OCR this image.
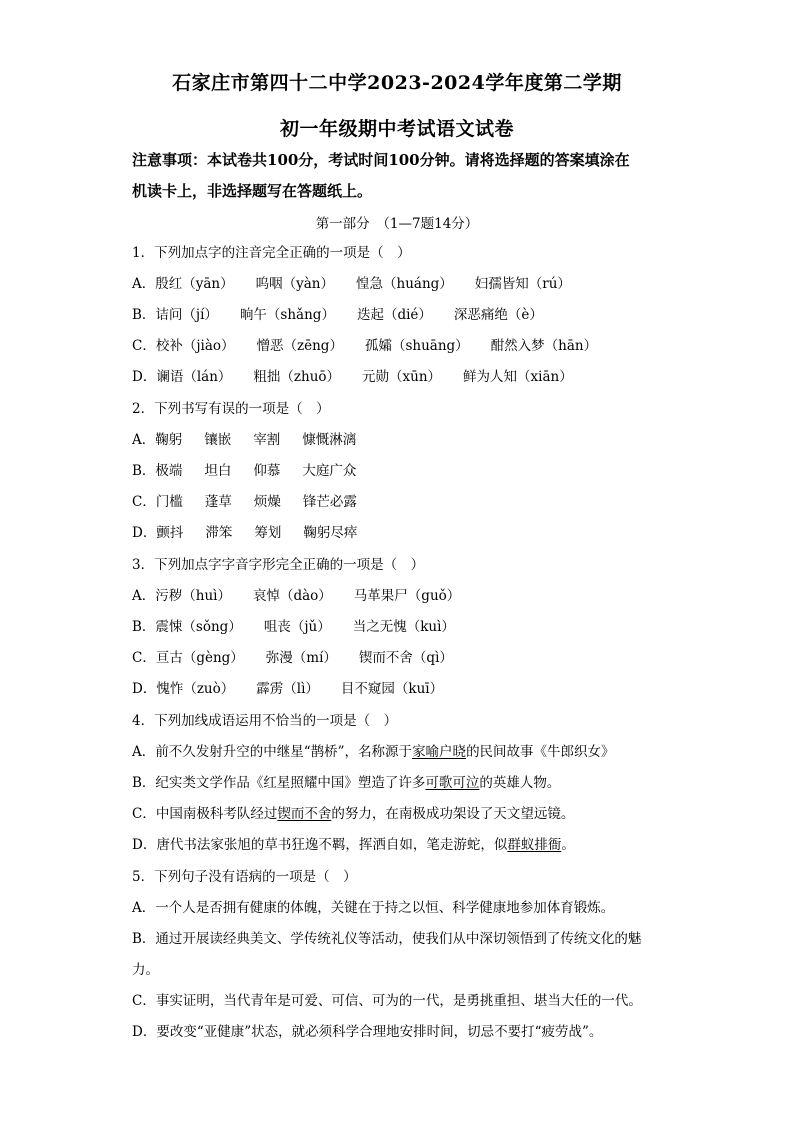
石家庄市第四十二中学2023-2024学年度第二学期
初一年级期中考试语文试卷
注意事项：本试卷共100分，考试时间100分钟。请将选择题的答案填涂在
机读卡上，非选择题写在答题纸上。
第一部分　（1—7题14分）
1．下列加点字的注音完全正确的一项是（　）
A．殷红（yān） 呜咽（yàn） 惶急（huáng） 妇孺皆知（rú）
B．诘问（jí） 晌午（shǎng） 迭起（dié） 深恶痛绝（è）
C．校补（jiào） 憎恶（zēng） 孤孀（shuāng） 酣然入梦（hān）
D．谰语（lán） 粗拙（zhuō） 元勋（xūn） 鲜为人知（xiān）
2．下列书写有误的一项是（　）
A．鞠躬 镶嵌 宰割 慷慨淋漓
B．极端 坦白 仰慕 大庭广众
C．门槛 蓬草 烦燥 锋芒必露
D．颤抖 滞笨 筹划 鞠躬尽瘁
3．下列加点字字音字形完全正确的一项是（　）
A．污秽（huì） 哀悼（dào） 马革果尸（guǒ）
B．震悚（sǒng） 咀丧（jǔ） 当之无愧（kuì）
C．亘古（gèng） 弥漫（mí） 锲而不舍（qì）
D．愧怍（zuò） 霹雳（lì） 目不窥园（kuī）
4．下列加线成语运用不恰当的一项是（　）
A．前不久发射升空的中继星“鹊桥”，名称源于家喻户晓的民间故事《牛郎织女》
B．纪实类文学作品《红星照耀中国》塑造了许多可歌可泣的英雄人物。
C．中国南极科考队经过锲而不舍的努力，在南极成功架设了天文望远镜。
D．唐代书法家张旭的草书狂逸不羁，挥洒自如，笔走游蛇，似群蚁排衙。
5．下列句子没有语病的一项是（　）
A．一个人是否拥有健康的体魄，关键在于持之以恒、科学健康地参加体育锻炼。
B．通过开展读经典美文、学传统礼仪等活动，使我们从中深切领悟到了传统文化的魅
力。
C．事实证明，当代青年是可爱、可信、可为的一代，是勇挑重担、堪当大任的一代。
D．要改变“亚健康”状态，就必须科学合理地安排时间，切忌不要打“疲劳战”。
